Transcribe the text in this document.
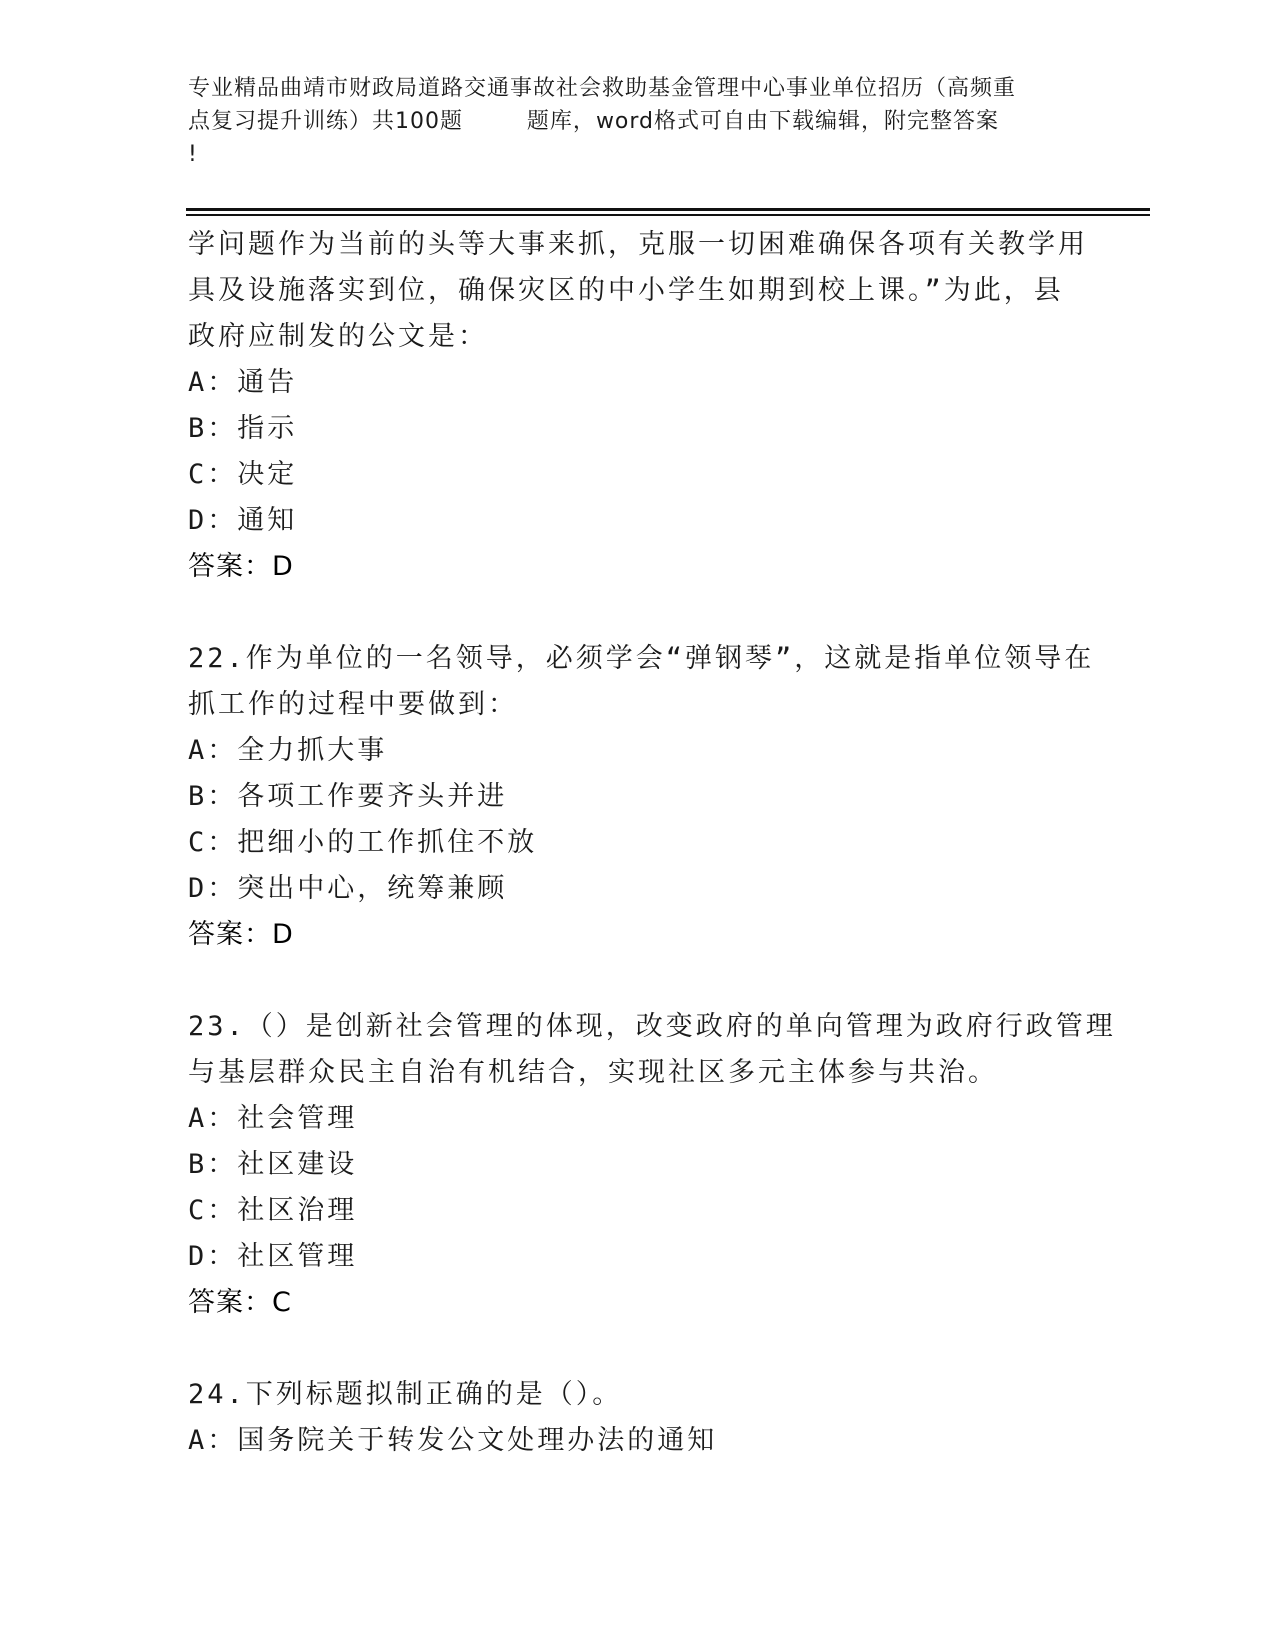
专业精品曲靖市财政局道路交通事故社会救助基金管理中心事业单位招历（高频重
点复习提升训练）共100题        题库，word格式可自由下载编辑，附完整答案
!
学问题作为当前的头等大事来抓，克服一切困难确保各项有关教学用
具及设施落实到位，确保灾区的中小学生如期到校上课。”为此，县
政府应制发的公文是：
A：通告
B：指示
C：决定
D：通知
答案：D
22.作为单位的一名领导，必须学会“弹钢琴”，这就是指单位领导在
抓工作的过程中要做到：
A：全力抓大事
B：各项工作要齐头并进
C：把细小的工作抓住不放
D：突出中心，统筹兼顾
答案：D
23.（）是创新社会管理的体现，改变政府的单向管理为政府行政管理
与基层群众民主自治有机结合，实现社区多元主体参与共治。
A：社会管理
B：社区建设
C：社区治理
D：社区管理
答案：C
24.下列标题拟制正确的是（）。
A：国务院关于转发公文处理办法的通知
